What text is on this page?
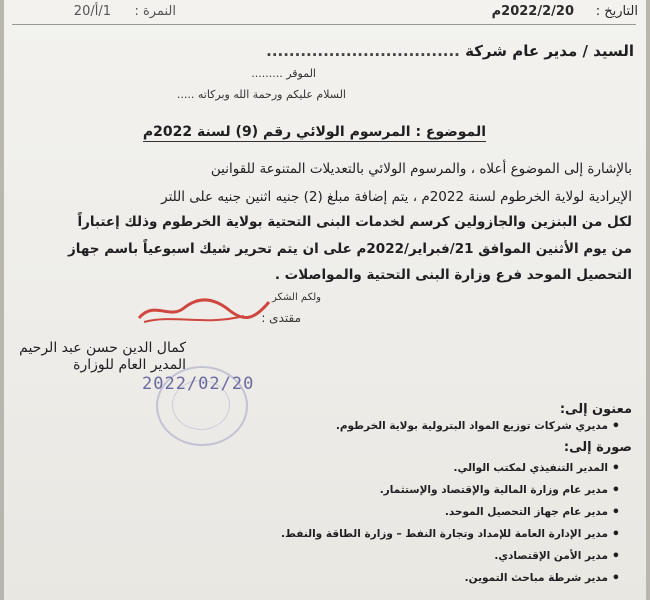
التاريخ :
2022/2/20م
النمرة :
1/أ/20
السيد / مدير عام شركة ..................................
الموقر .........
السلام عليكم ورحمة الله وبركاته .....
الموضوع : المرسوم الولائي رقم (9) لسنة 2022م
بالإشارة إلى الموضوع أعلاه ، والمرسوم الولائي بالتعديلات المتنوعة للقوانين
الإيرادية لولاية الخرطوم لسنة 2022م ، يتم إضافة مبلغ (2) جنيه اثنين جنيه على اللتر
لكل من البنزين والجازولين كرسم لخدمات البنى التحتية بولاية الخرطوم وذلك إعتباراً
من يوم الأثنين الموافق 21/فبراير/2022م على ان يتم تحرير شيك اسبوعياً باسم جهاز
التحصيل الموحد فرع وزارة البنى التحتية والمواصلات .
ولكم الشكر
مقتدى :
كمال الدين حسن عبد الرحيم
المدير العام للوزارة
2022/02/20
معنون إلى:
• مديري شركات توزيع المواد البترولية بولاية الخرطوم.
صورة إلى:
• المدير التنفيذي لمكتب الوالي.
• مدير عام وزارة المالية والإقتصاد والإستثمار.
• مدير عام جهاز التحصيل الموحد.
• مدير الإدارة العامة للإمداد وتجارة النفط – وزارة الطاقة والنفط.
• مدير الأمن الإقتصادي.
• مدير شرطة مباحث التموين.
